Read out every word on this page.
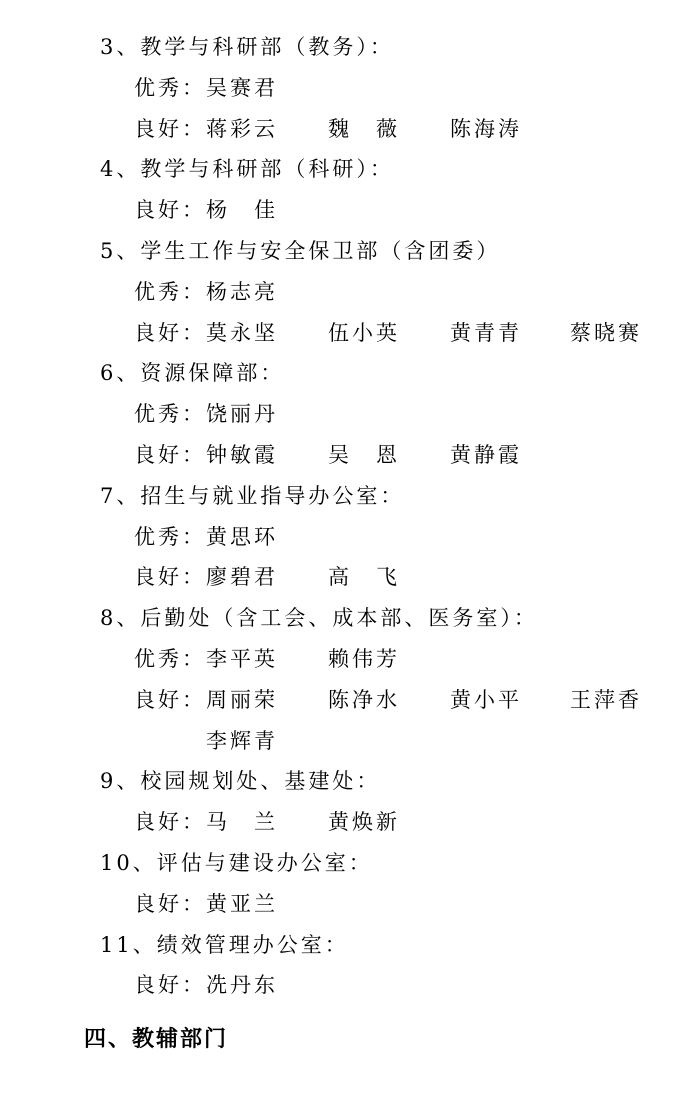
3、教学与科研部（教务）：
优秀： 吴赛君
良好： 蒋彩云 魏　薇 陈海涛
4、教学与科研部（科研）：
良好： 杨　佳
5、学生工作与安全保卫部（含团委）
优秀： 杨志亮
良好： 莫永坚 伍小英 黄青青 蔡晓赛
6、资源保障部：
优秀： 饶丽丹
良好： 钟敏霞 吴　恩 黄静霞
7、招生与就业指导办公室：
优秀： 黄思环
良好： 廖碧君 高　飞
8、后勤处（含工会、成本部、医务室）：
优秀： 李平英 赖伟芳
良好： 周丽荣 陈净水 黄小平 王萍香
李辉青
9、校园规划处、基建处：
良好： 马　兰 黄焕新
10、评估与建设办公室：
良好： 黄亚兰
11、绩效管理办公室：
良好： 冼丹东
四、教辅部门
